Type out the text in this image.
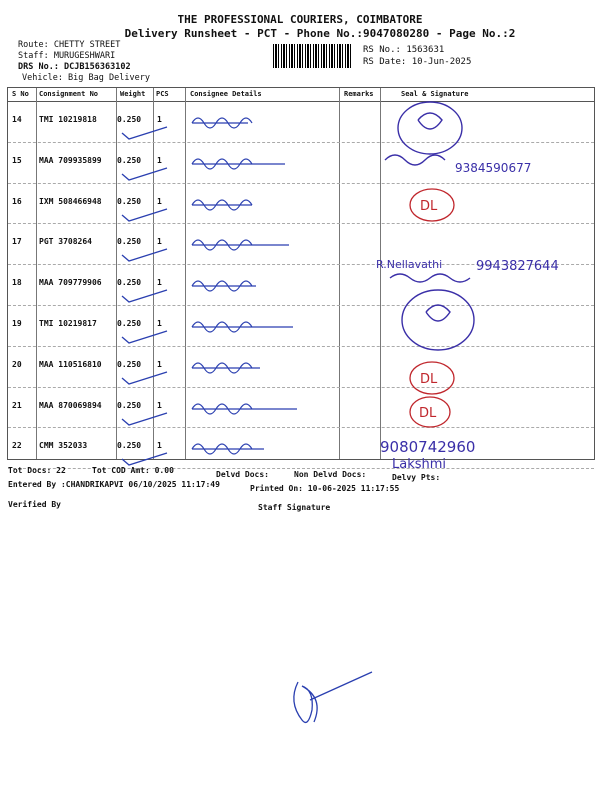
THE PROFESSIONAL COURIERS, COIMBATORE
Delivery Runsheet - PCT - Phone No.:9047080280 - Page No.:2
Route: CHETTY STREET
Staff: MURUGESHWARI
DRS No.: DCJB156363102
Vehicle: Big Bag Delivery
RS No.: 1563631
RS Date: 10-Jun-2025
S No Consignment No	Weight PCS	Consignee Details	Remarks	Seal & Signature
14 TMI 10219818	0.250 1
15 MAA 709935899 0.250 1
16 IXM 508466948 0.250 1
17 PGT 3708264	0.250 1
18 MAA 709779906 0.250 1
19 TMI 10219817	0.250 1
20 MAA 110516810 0.250 1
21 MAA 870069894 0.250 1
22 CMM 352033	0.250 1
DL
DL
DL
9384590677
R.Nellavathi	9943827644
9080742960
Lakshmi
Tot Docs: 22	Tot COD Amt: 0.00	Delvd Docs:	Non Delvd Docs:	Delvy Pts:
Entered By :CHANDRIKAPVI 06/10/2025 11:17:49	Printed On: 10-06-2025 11:17:55
Verified By	Staff Signature
